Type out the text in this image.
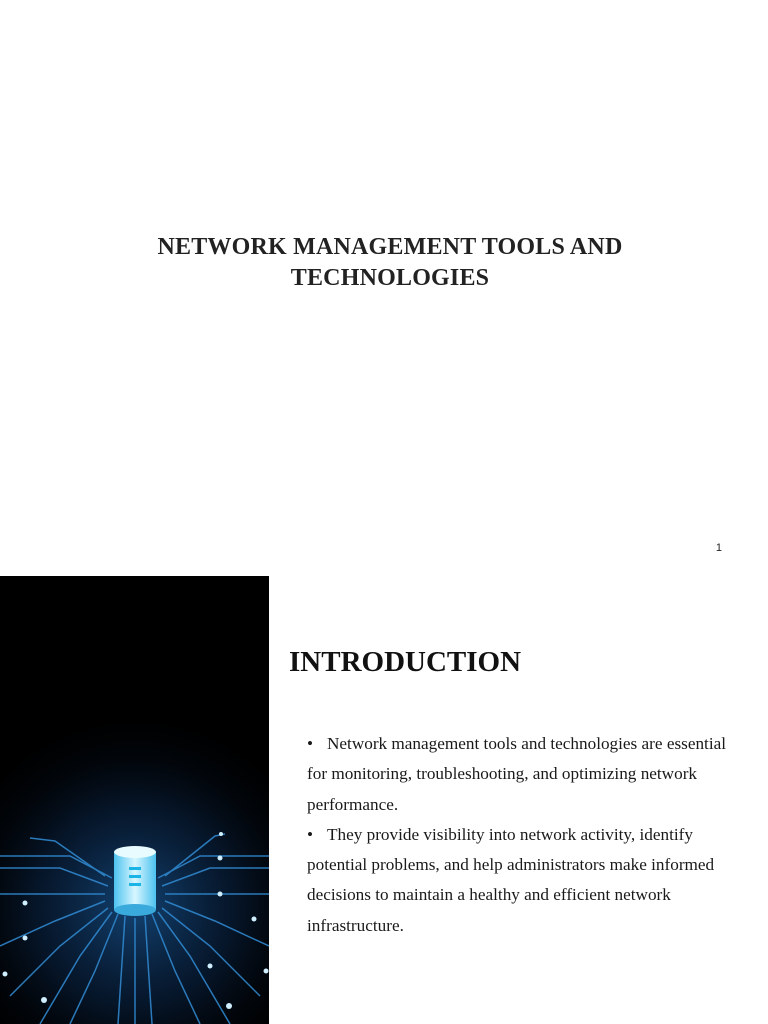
NETWORK MANAGEMENT TOOLS AND
TECHNOLOGIES
1
INTRODUCTION
• Network management tools and technologies are essential for monitoring, troubleshooting, and optimizing network performance.
• They provide visibility into network activity, identify potential problems, and help administrators make informed decisions to maintain a healthy and efficient network infrastructure.
